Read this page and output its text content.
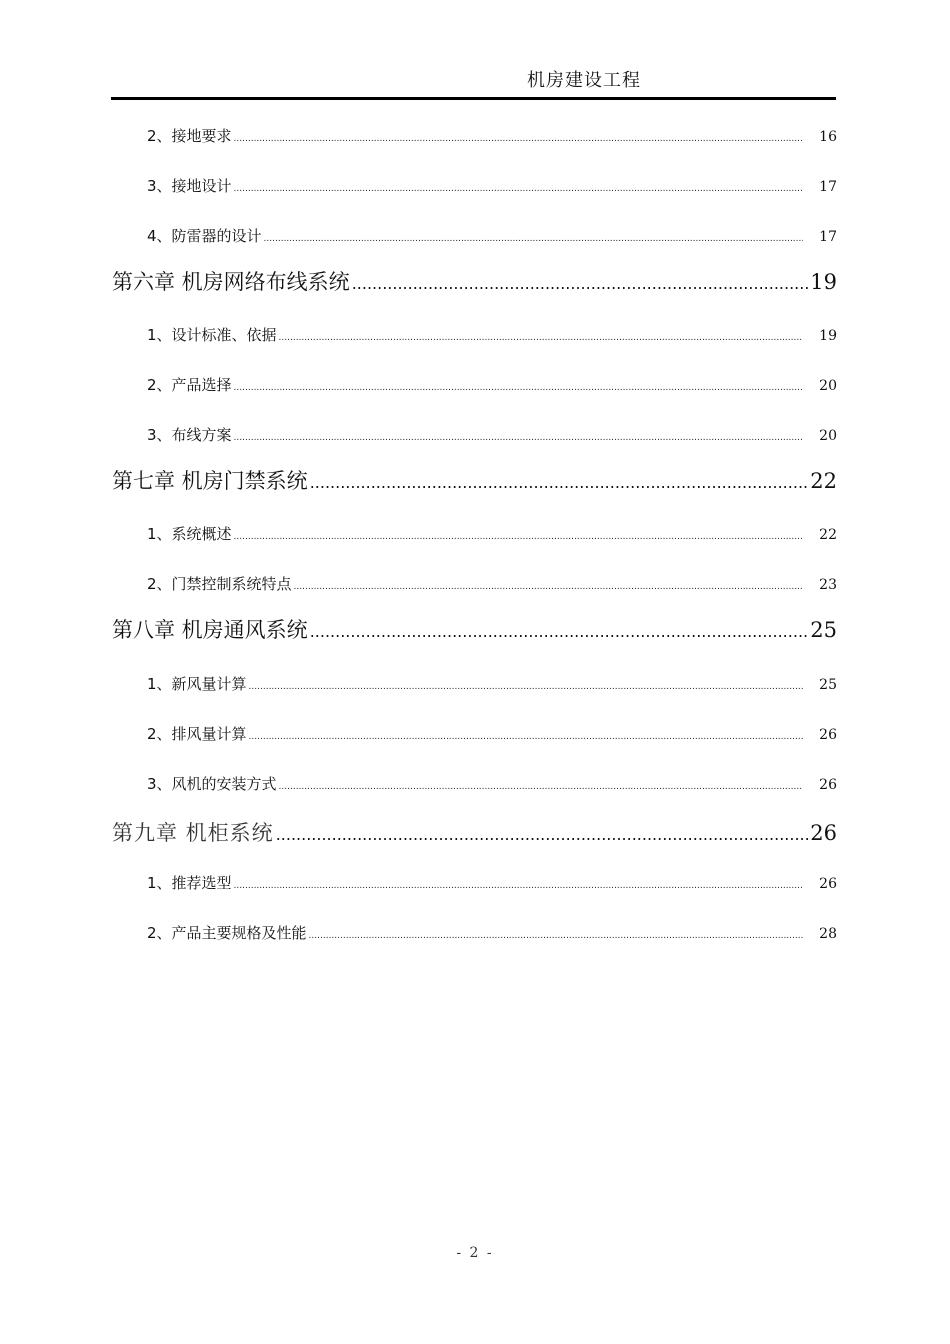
机房建设工程
2、接地要求 .....	16
3、接地设计 .....	17
4、防雷器的设计 .....	17
第六章 机房网络布线系统 .....	19
1、设计标准、依据 .....	19
2、产品选择 .....	20
3、布线方案 .....	20
第七章 机房门禁系统 .....	22
1、系统概述 .....	22
2、门禁控制系统特点 .....	23
第八章 机房通风系统 .....	25
1、新风量计算 .....	25
2、排风量计算 .....	26
3、风机的安装方式 .....	26
第九章 机柜系统 .....	26
1、推荐选型 .....	26
2、产品主要规格及性能 .....	28
- 2 -
